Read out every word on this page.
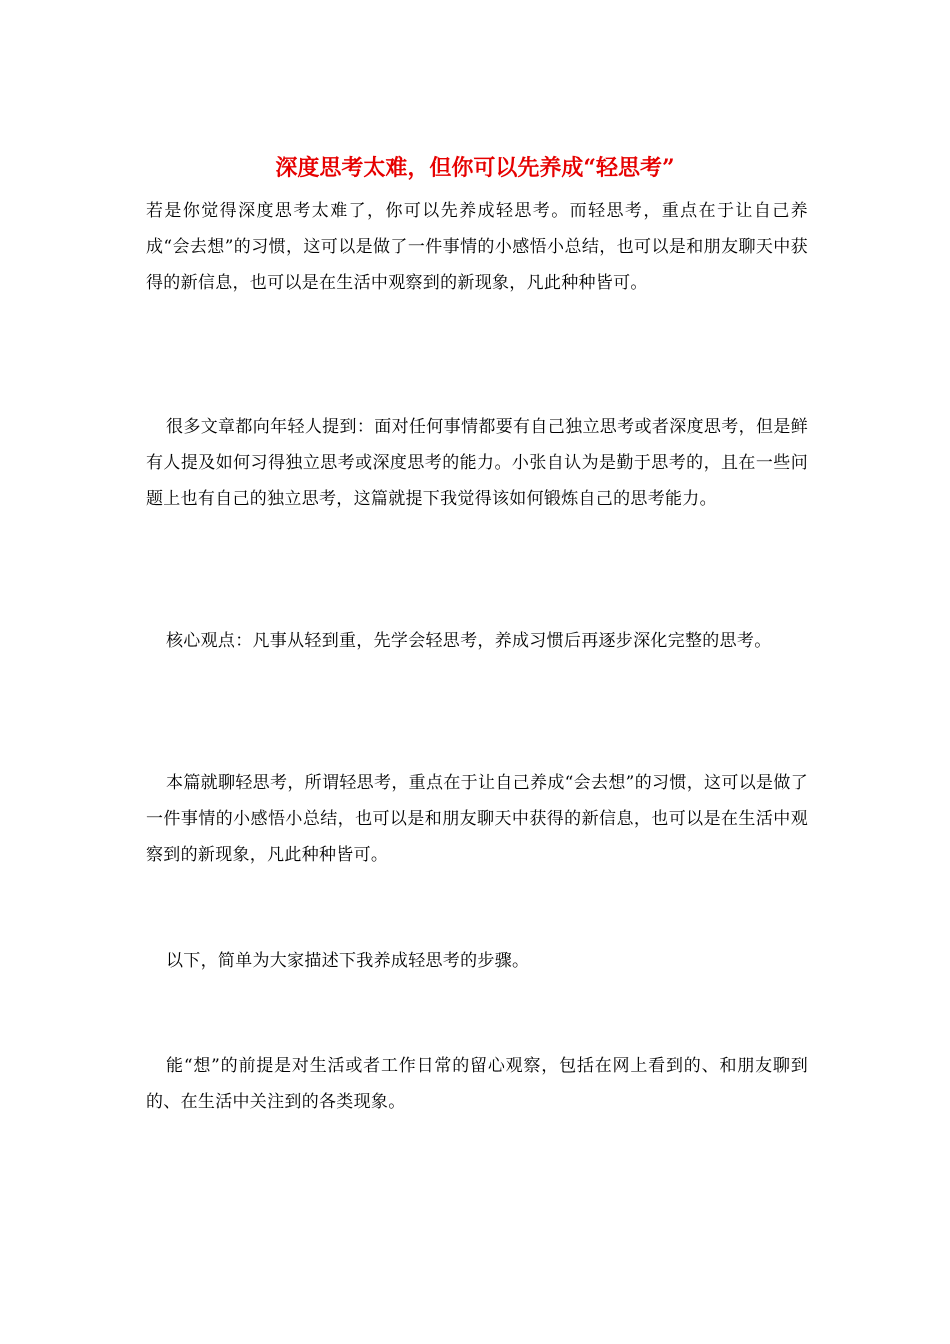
深度思考太难，但你可以先养成“轻思考”

若是你觉得深度思考太难了，你可以先养成轻思考。而轻思考，重点在于让自己养成“会去想”的习惯，这可以是做了一件事情的小感悟小总结，也可以是和朋友聊天中获得的新信息，也可以是在生活中观察到的新现象，凡此种种皆可。

很多文章都向年轻人提到：面对任何事情都要有自己独立思考或者深度思考，但是鲜有人提及如何习得独立思考或深度思考的能力。小张自认为是勤于思考的，且在一些问题上也有自己的独立思考，这篇就提下我觉得该如何锻炼自己的思考能力。

核心观点：凡事从轻到重，先学会轻思考，养成习惯后再逐步深化完整的思考。

本篇就聊轻思考，所谓轻思考，重点在于让自己养成“会去想”的习惯，这可以是做了一件事情的小感悟小总结，也可以是和朋友聊天中获得的新信息，也可以是在生活中观察到的新现象，凡此种种皆可。

以下，简单为大家描述下我养成轻思考的步骤。

能“想”的前提是对生活或者工作日常的留心观察，包括在网上看到的、和朋友聊到的、在生活中关注到的各类现象。
